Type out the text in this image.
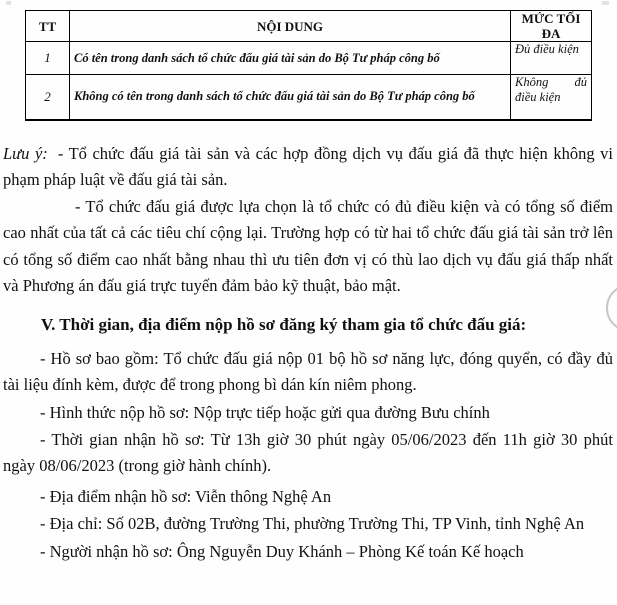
TT	NỘI DUNG	MỨC TỐI ĐA
1	Có tên trong danh sách tổ chức đấu giá tài sản do Bộ Tư pháp công bố	Đủ điều kiện
2	Không có tên trong danh sách tổ chức đấu giá tài sản do Bộ Tư pháp công bố	Không đủ điều kiện

Lưu ý: - Tổ chức đấu giá tài sản và các hợp đồng dịch vụ đấu giá đã thực hiện không vi phạm pháp luật về đấu giá tài sản.

- Tổ chức đấu giá được lựa chọn là tổ chức có đủ điều kiện và có tổng số điểm cao nhất của tất cả các tiêu chí cộng lại. Trường hợp có từ hai tổ chức đấu giá tài sản trở lên có tổng số điểm cao nhất bằng nhau thì ưu tiên đơn vị có thù lao dịch vụ đấu giá thấp nhất và Phương án đấu giá trực tuyến đảm bảo kỹ thuật, bảo mật.

V. Thời gian, địa điểm nộp hồ sơ đăng ký tham gia tổ chức đấu giá:

- Hồ sơ bao gồm: Tổ chức đấu giá nộp 01 bộ hồ sơ năng lực, đóng quyển, có đầy đủ tài liệu đính kèm, được để trong phong bì dán kín niêm phong.

- Hình thức nộp hồ sơ: Nộp trực tiếp hoặc gửi qua đường Bưu chính

- Thời gian nhận hồ sơ: Từ 13h giờ 30 phút ngày 05/06/2023 đến 11h giờ 30 phút ngày 08/06/2023 (trong giờ hành chính).

- Địa điểm nhận hồ sơ: Viễn thông Nghệ An

- Địa chỉ: Số 02B, đường Trường Thi, phường Trường Thi, TP Vinh, tỉnh Nghệ An

- Người nhận hồ sơ: Ông Nguyễn Duy Khánh – Phòng Kế toán Kế hoạch
